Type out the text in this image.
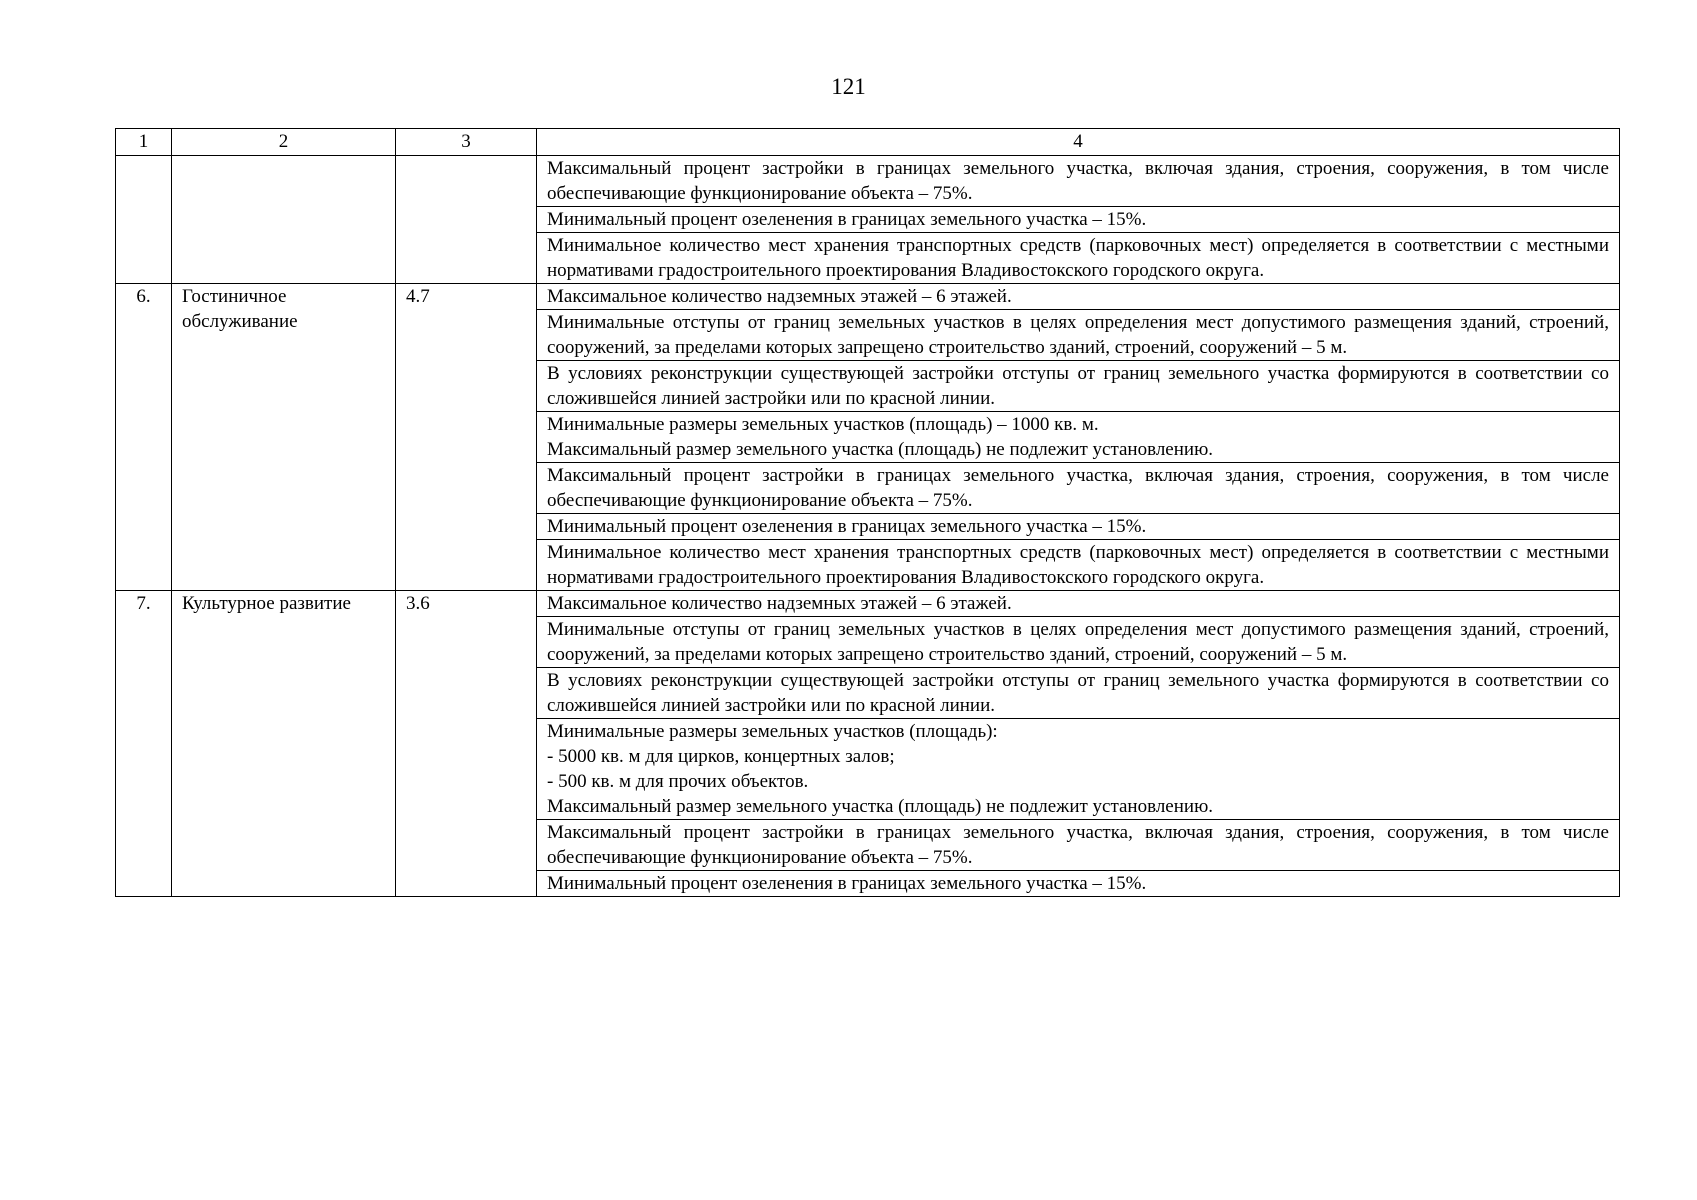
121
1	2	3	4
			Максимальный процент застройки в границах земельного участка, включая здания, строения, сооружения, в том числе обеспечивающие функционирование объекта – 75%.
			Минимальный процент озеленения в границах земельного участка – 15%.
			Минимальное количество мест хранения транспортных средств (парковочных мест) определяется в соответствии с местными нормативами градостроительного проектирования Владивостокского городского округа.
6.	Гостиничное обслуживание	4.7	Максимальное количество надземных этажей – 6 этажей.

			Минимальные отступы от границ земельных участков в целях определения мест допустимого размещения зданий, строений, сооружений, за пределами которых запрещено строительство зданий, строений, сооружений – 5 м.

			В условиях реконструкции существующей застройки отступы от границ земельного участка формируются в соответствии со сложившейся линией застройки или по красной линии.

			Минимальные размеры земельных участков (площадь) – 1000 кв. м.
Максимальный размер земельного участка (площадь) не подлежит установлению.

			Максимальный процент застройки в границах земельного участка, включая здания, строения, сооружения, в том числе обеспечивающие функционирование объекта – 75%.

			Минимальный процент озеленения в границах земельного участка – 15%.

			Минимальное количество мест хранения транспортных средств (парковочных мест) определяется в соответствии с местными нормативами градостроительного проектирования Владивостокского городского округа.

7.	Культурное развитие	3.6	Максимальное количество надземных этажей – 6 этажей.

			Минимальные отступы от границ земельных участков в целях определения мест допустимого размещения зданий, строений, сооружений, за пределами которых запрещено строительство зданий, строений, сооружений – 5 м.

			В условиях реконструкции существующей застройки отступы от границ земельного участка формируются в соответствии со сложившейся линией застройки или по красной линии.

			Минимальные размеры земельных участков (площадь):
- 5000 кв. м для цирков, концертных залов;
- 500 кв. м для прочих объектов.
Максимальный размер земельного участка (площадь) не подлежит установлению.

			Максимальный процент застройки в границах земельного участка, включая здания, строения, сооружения, в том числе обеспечивающие функционирование объекта – 75%.

			Минимальный процент озеленения в границах земельного участка – 15%.
